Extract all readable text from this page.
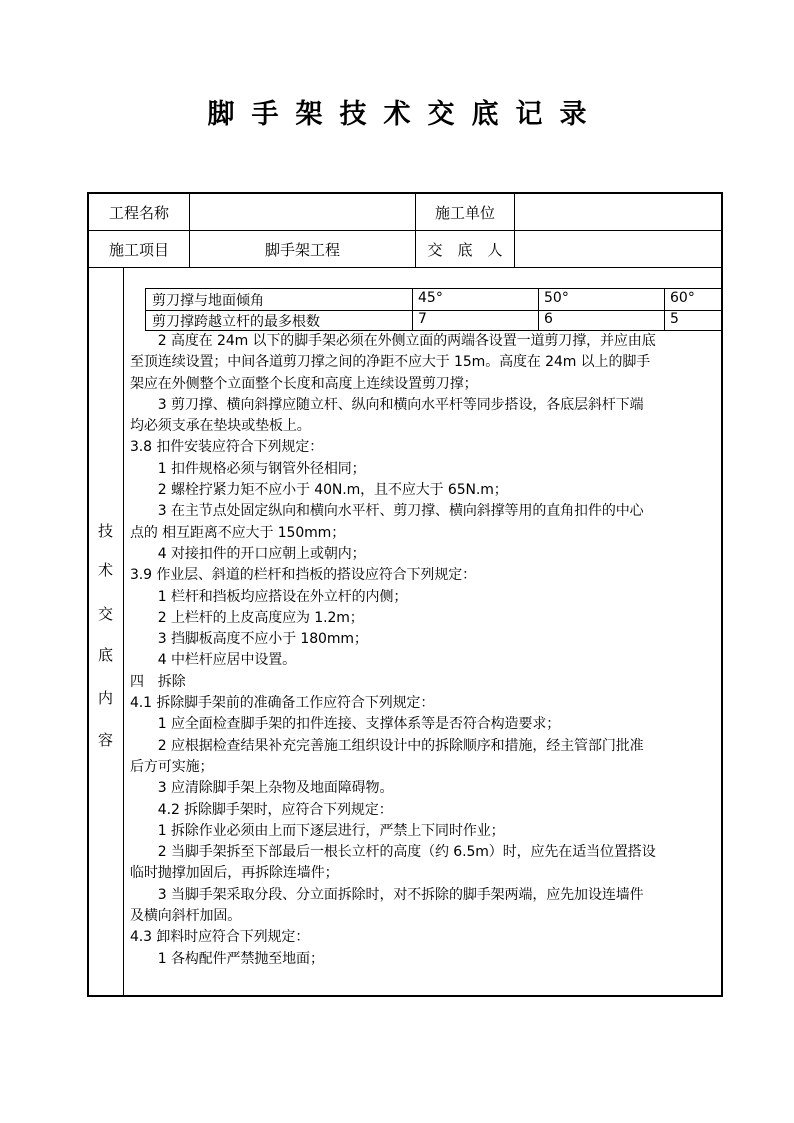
脚手架技术交底记录
工程名称	施工单位
施工项目	脚手架工程	交　底　人
技
术
交
底
内
容
剪刀撑与地面倾角	45°	50°	60°
剪刀撑跨越立杆的最多根数	7	6	5
　　2 高度在 24m 以下的脚手架必须在外侧立面的两端各设置一道剪刀撑，并应由底
至顶连续设置；中间各道剪刀撑之间的净距不应大于 15m。高度在 24m 以上的脚手
架应在外侧整个立面整个长度和高度上连续设置剪刀撑；
　　3 剪刀撑、横向斜撑应随立杆、纵向和横向水平杆等同步搭设，各底层斜杆下端
均必须支承在垫块或垫板上。
3.8 扣件安装应符合下列规定：
　　1 扣件规格必须与钢管外径相同；
　　2 螺栓拧紧力矩不应小于 40N.m，且不应大于 65N.m；
　　3 在主节点处固定纵向和横向水平杆、剪刀撑、横向斜撑等用的直角扣件的中心
点的 相互距离不应大于 150mm；
　　4 对接扣件的开口应朝上或朝内；
3.9 作业层、斜道的栏杆和挡板的搭设应符合下列规定：
　　1 栏杆和挡板均应搭设在外立杆的内侧；
　　2 上栏杆的上皮高度应为 1.2m；
　　3 挡脚板高度不应小于 180mm；
　　4 中栏杆应居中设置。
四　拆除
4.1 拆除脚手架前的准确备工作应符合下列规定：
　　1 应全面检查脚手架的扣件连接、支撑体系等是否符合构造要求；
　　2 应根据检查结果补充完善施工组织设计中的拆除顺序和措施，经主管部门批准
后方可实施；
　　3 应清除脚手架上杂物及地面障碍物。
　　4.2 拆除脚手架时，应符合下列规定：
　　1 拆除作业必须由上而下逐层进行，严禁上下同时作业；
　　2 当脚手架拆至下部最后一根长立杆的高度（约 6.5m）时，应先在适当位置搭设
临时抛撑加固后，再拆除连墙件；
　　3 当脚手架采取分段、分立面拆除时，对不拆除的脚手架两端，应先加设连墙件
及横向斜杆加固。
4.3 卸料时应符合下列规定：
　　1 各构配件严禁抛至地面；
